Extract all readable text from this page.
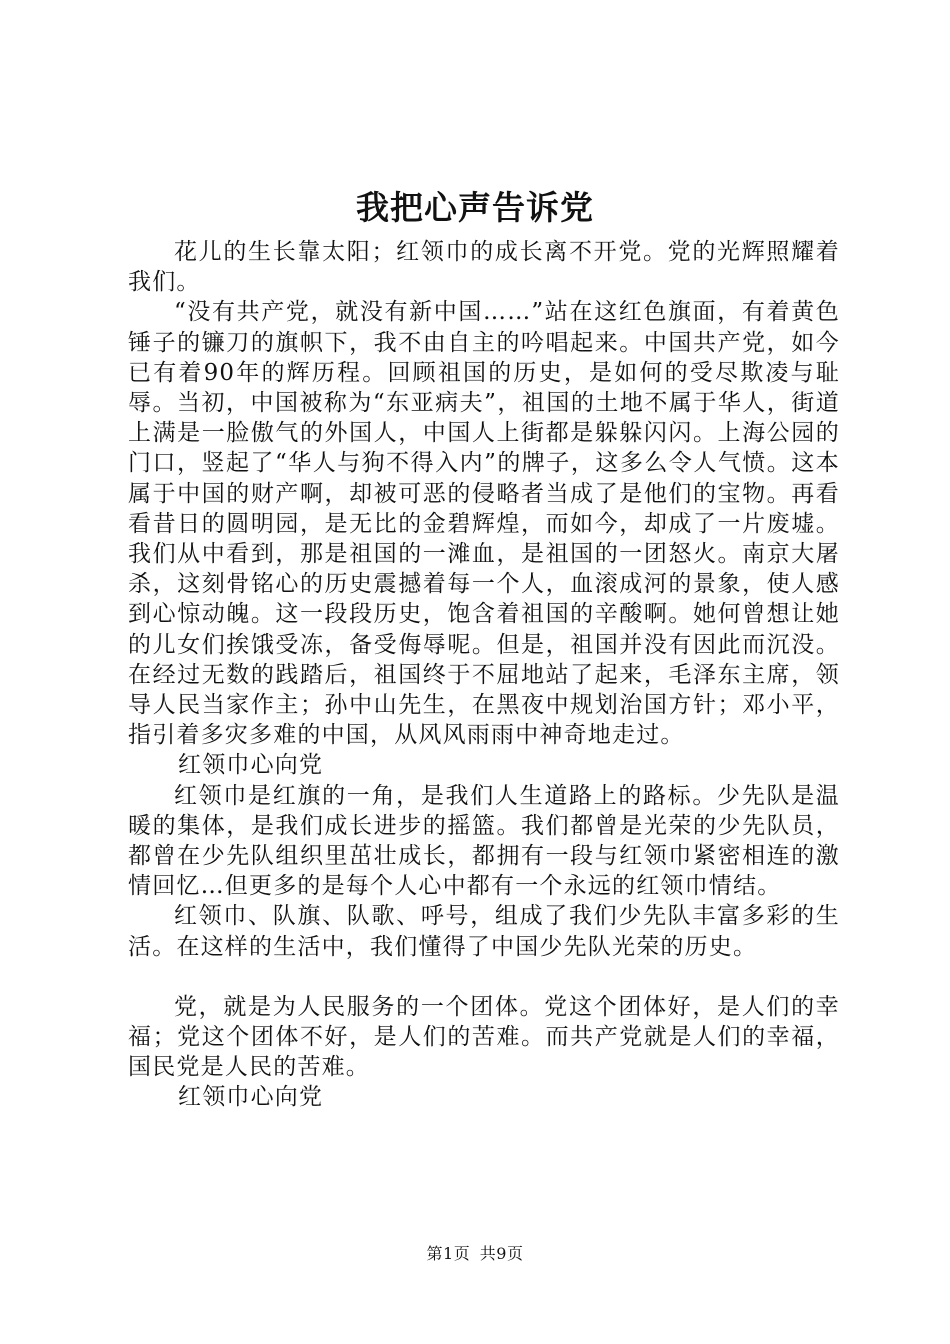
我把心声告诉党

花儿的生长靠太阳；红领巾的成长离不开党。党的光辉照耀着我们。

“没有共产党，就没有新中国……”站在这红色旗面，有着黄色锤子的镰刀的旗帜下，我不由自主的吟唱起来。中国共产党，如今已有着90年的辉历程。回顾祖国的历史，是如何的受尽欺凌与耻辱。当初，中国被称为“东亚病夫”，祖国的土地不属于华人，街道上满是一脸傲气的外国人，中国人上街都是躲躲闪闪。上海公园的门口，竖起了“华人与狗不得入内”的牌子，这多么令人气愤。这本属于中国的财产啊，却被可恶的侵略者当成了是他们的宝物。再看看昔日的圆明园，是无比的金碧辉煌，而如今，却成了一片废墟。我们从中看到，那是祖国的一滩血，是祖国的一团怒火。南京大屠杀，这刻骨铭心的历史震撼着每一个人，血滚成河的景象，使人感到心惊动魄。这一段段历史，饱含着祖国的辛酸啊。她何曾想让她的儿女们挨饿受冻，备受侮辱呢。但是，祖国并没有因此而沉没。在经过无数的践踏后，祖国终于不屈地站了起来，毛泽东主席，领导人民当家作主；孙中山先生，在黑夜中规划治国方针；邓小平，指引着多灾多难的中国，从风风雨雨中神奇地走过。

红领巾心向党

红领巾是红旗的一角，是我们人生道路上的路标。少先队是温暖的集体，是我们成长进步的摇篮。我们都曾是光荣的少先队员，都曾在少先队组织里茁壮成长，都拥有一段与红领巾紧密相连的激情回忆…但更多的是每个人心中都有一个永远的红领巾情结。

红领巾、队旗、队歌、呼号，组成了我们少先队丰富多彩的生活。在这样的生活中，我们懂得了中国少先队光荣的历史。

党，就是为人民服务的一个团体。党这个团体好，是人们的幸福；党这个团体不好，是人们的苦难。而共产党就是人们的幸福，国民党是人民的苦难。

红领巾心向党

第1页 共9页
